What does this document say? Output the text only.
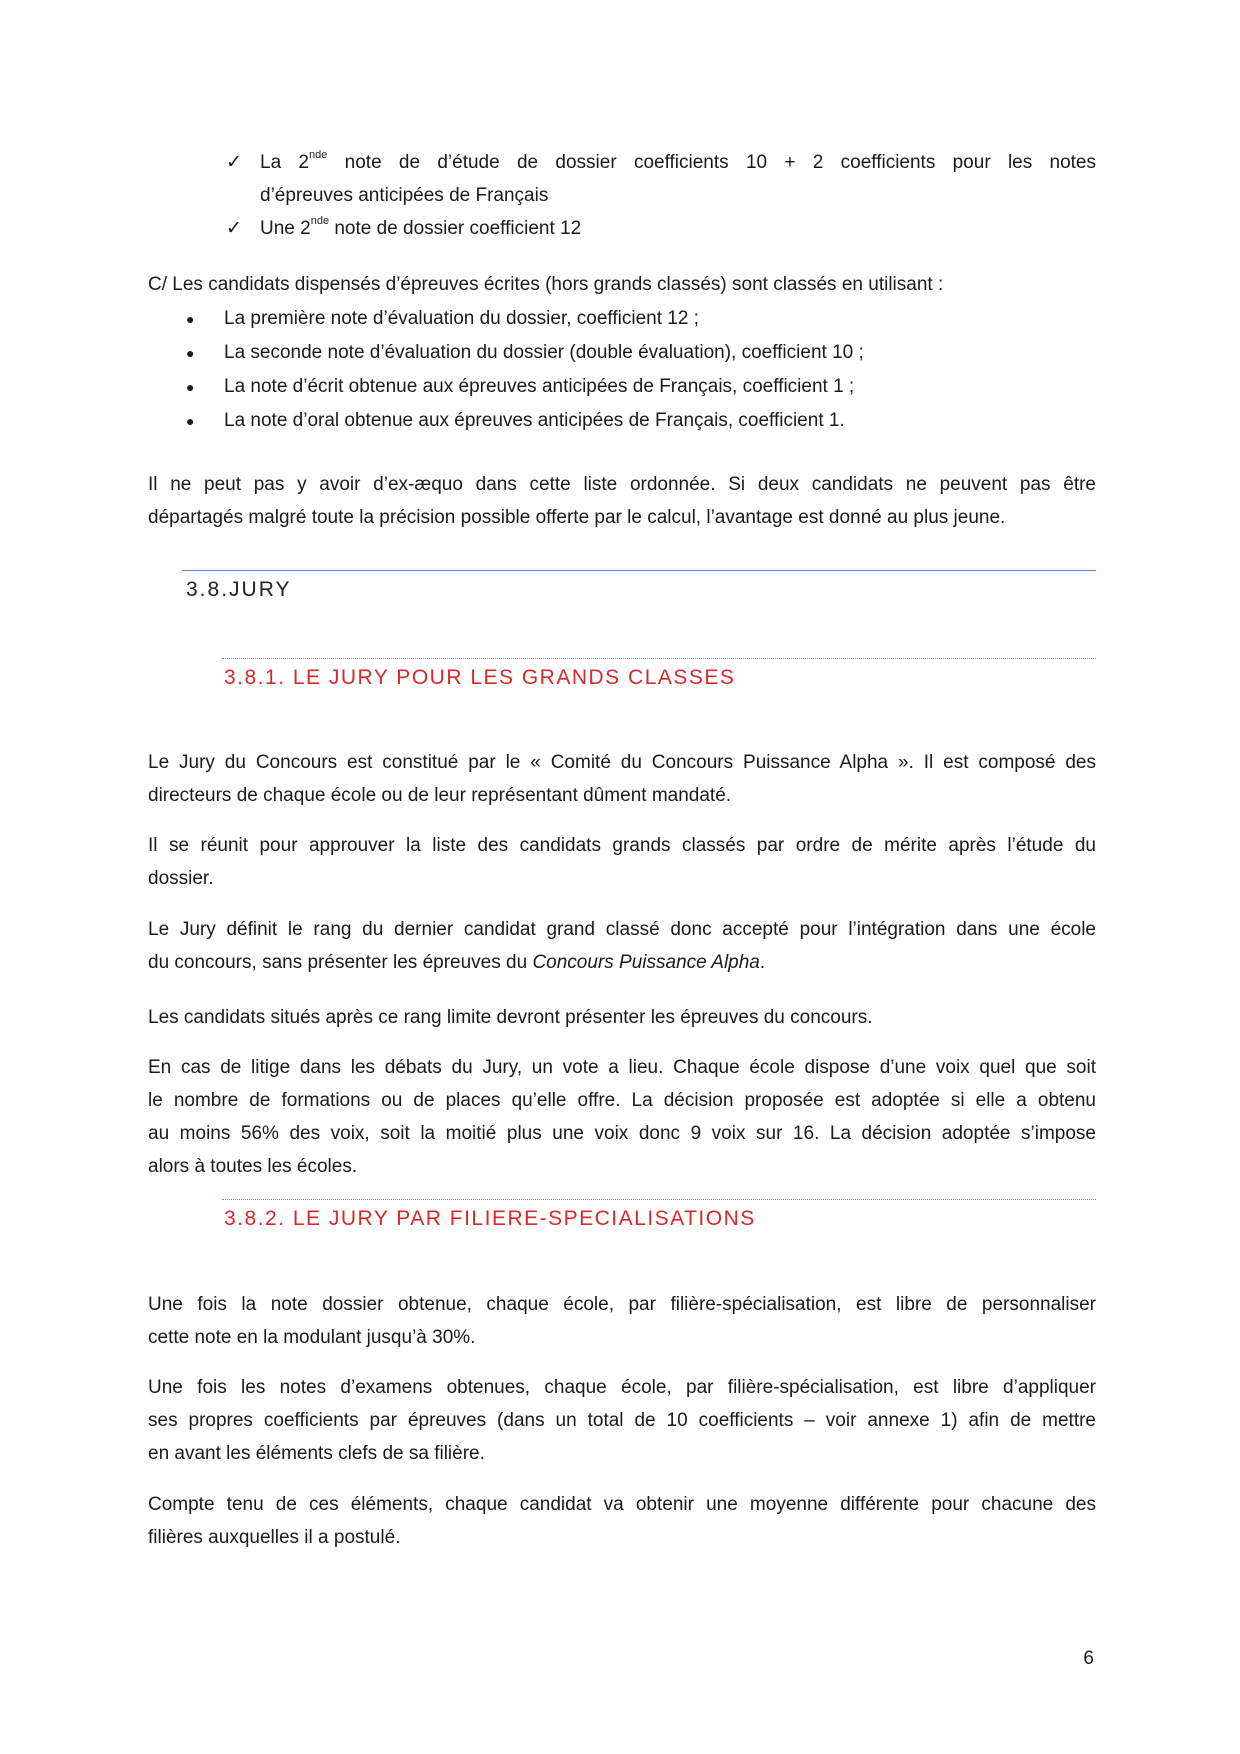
✓ La 2nde note de d’étude de dossier coefficients 10 + 2 coefficients pour les notes
d’épreuves anticipées de Français
✓ Une 2nde note de dossier coefficient 12

C/ Les candidats dispensés d’épreuves écrites (hors grands classés) sont classés en utilisant :

● La première note d’évaluation du dossier, coefficient 12 ;
● La seconde note d’évaluation du dossier (double évaluation), coefficient 10 ;
● La note d’écrit obtenue aux épreuves anticipées de Français, coefficient 1 ;
● La note d’oral obtenue aux épreuves anticipées de Français, coefficient 1.
Il ne peut pas y avoir d’ex-æquo dans cette liste ordonnée. Si deux candidats ne peuvent pas être
départagés malgré toute la précision possible offerte par le calcul, l’avantage est donné au plus jeune.
3.8.JURY
3.8.1. LE JURY POUR LES GRANDS CLASSES
Le Jury du Concours est constitué par le « Comité du Concours Puissance Alpha ». Il est composé des
directeurs de chaque école ou de leur représentant dûment mandaté.
Il se réunit pour approuver la liste des candidats grands classés par ordre de mérite après l’étude du
dossier.
Le Jury définit le rang du dernier candidat grand classé donc accepté pour l’intégration dans une école
du concours, sans présenter les épreuves du Concours Puissance Alpha.

Les candidats situés après ce rang limite devront présenter les épreuves du concours.

En cas de litige dans les débats du Jury, un vote a lieu. Chaque école dispose d’une voix quel que soit
le nombre de formations ou de places qu’elle offre. La décision proposée est adoptée si elle a obtenu
au moins 56% des voix, soit la moitié plus une voix donc 9 voix sur 16. La décision adoptée s’impose
alors à toutes les écoles.
3.8.2. LE JURY PAR FILIERE-SPECIALISATIONS
Une fois la note dossier obtenue, chaque école, par filière-spécialisation, est libre de personnaliser
cette note en la modulant jusqu’à 30%.
Une fois les notes d’examens obtenues, chaque école, par filière-spécialisation, est libre d’appliquer
ses propres coefficients par épreuves (dans un total de 10 coefficients – voir annexe 1) afin de mettre
en avant les éléments clefs de sa filière.
Compte tenu de ces éléments, chaque candidat va obtenir une moyenne différente pour chacune des
filières auxquelles il a postulé.

6
